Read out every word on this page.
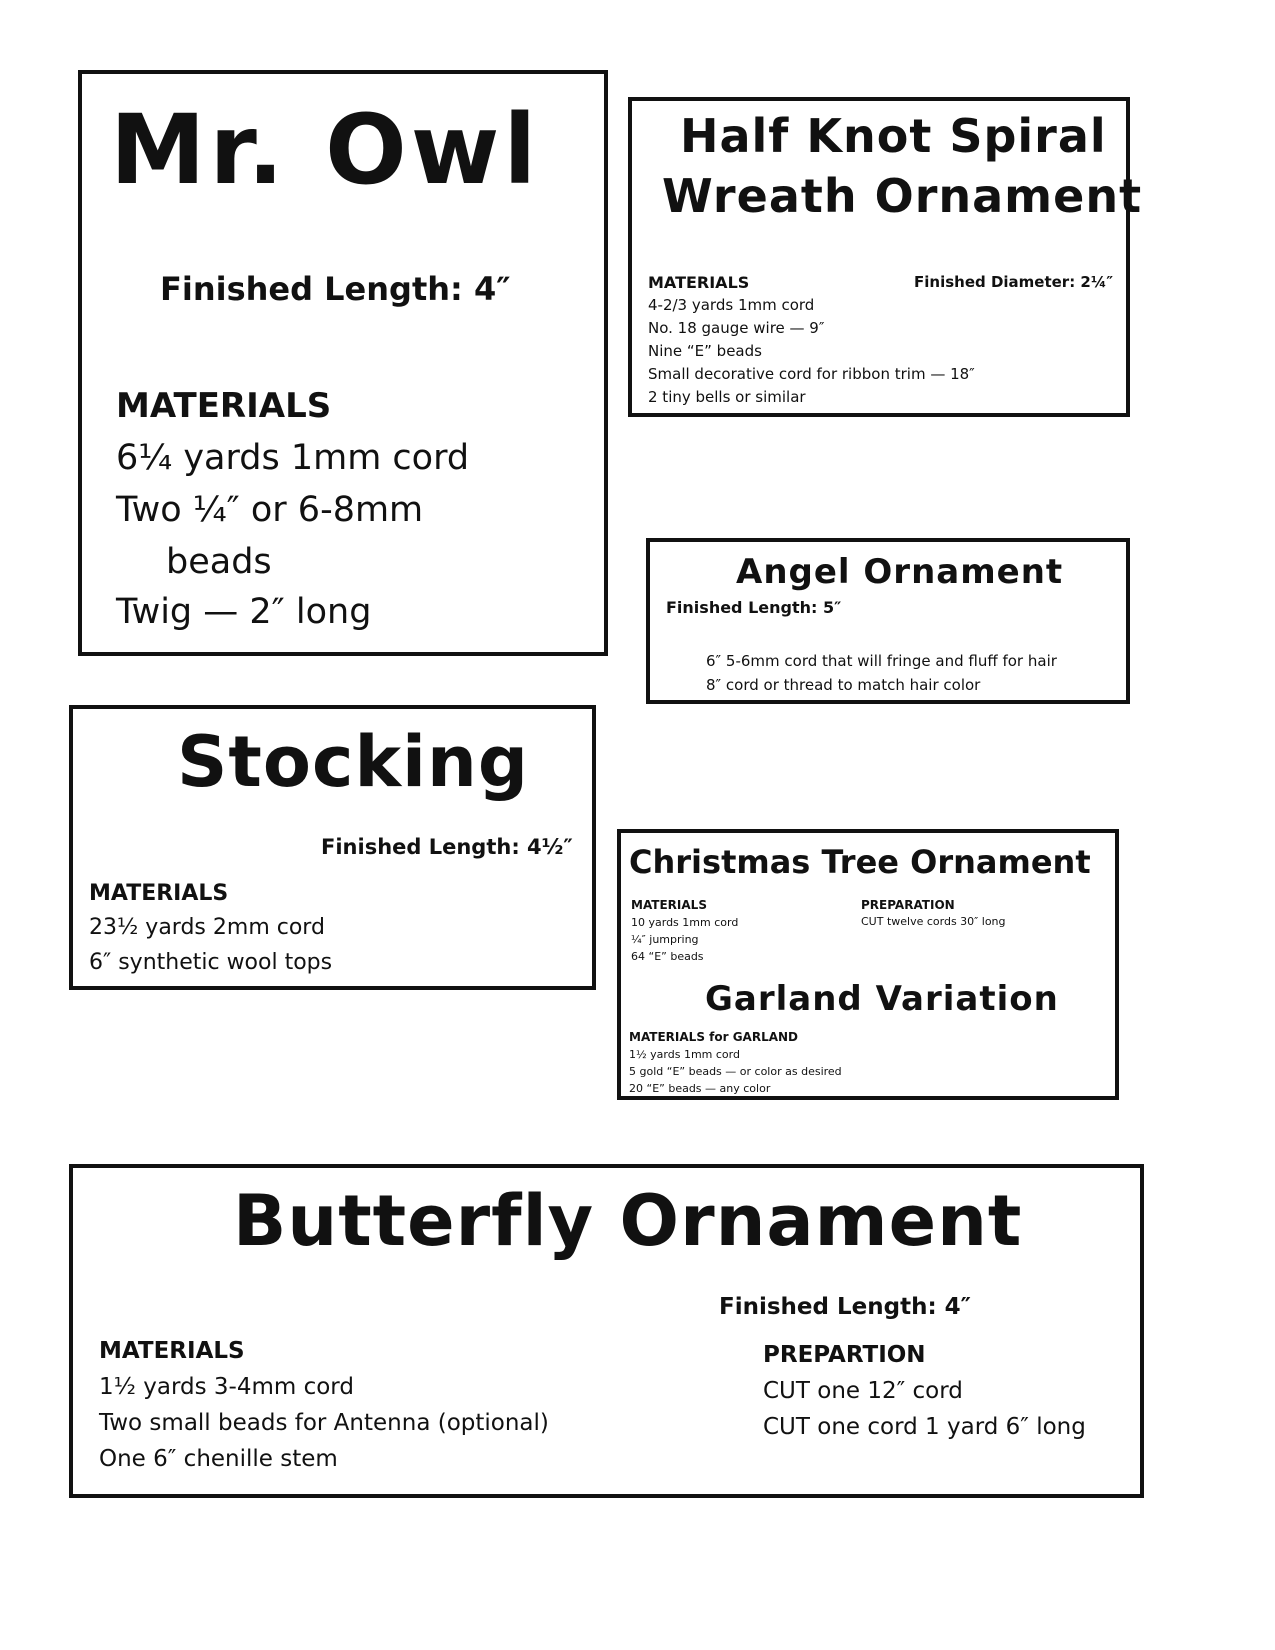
Mr. Owl
Finished Length: 4″
MATERIALS
6¼ yards 1mm cord
Two ¼″ or 6-8mm
beads
Twig — 2″ long
Half Knot Spiral
Wreath Ornament
MATERIALS	Finished Diameter: 2¼″
4-2/3 yards 1mm cord
No. 18 gauge wire — 9″
Nine “E” beads
Small decorative cord for ribbon trim — 18″
2 tiny bells or similar
Angel Ornament
Finished Length: 5″
6″ 5-6mm cord that will fringe and fluff for hair
8″ cord or thread to match hair color
Stocking
Finished Length: 4½″
MATERIALS
23½ yards 2mm cord
6″ synthetic wool tops
Christmas Tree Ornament
MATERIALS
10 yards 1mm cord
¼″ jumpring
64 “E” beads
PREPARATION
CUT twelve cords 30″ long
Garland Variation
MATERIALS for GARLAND
1½ yards 1mm cord
5 gold “E” beads — or color as desired
20 “E” beads — any color
Butterfly Ornament
Finished Length: 4″
MATERIALS
1½ yards 3-4mm cord
Two small beads for Antenna (optional)
One 6″ chenille stem
PREPARTION
CUT one 12″ cord
CUT one cord 1 yard 6″ long
